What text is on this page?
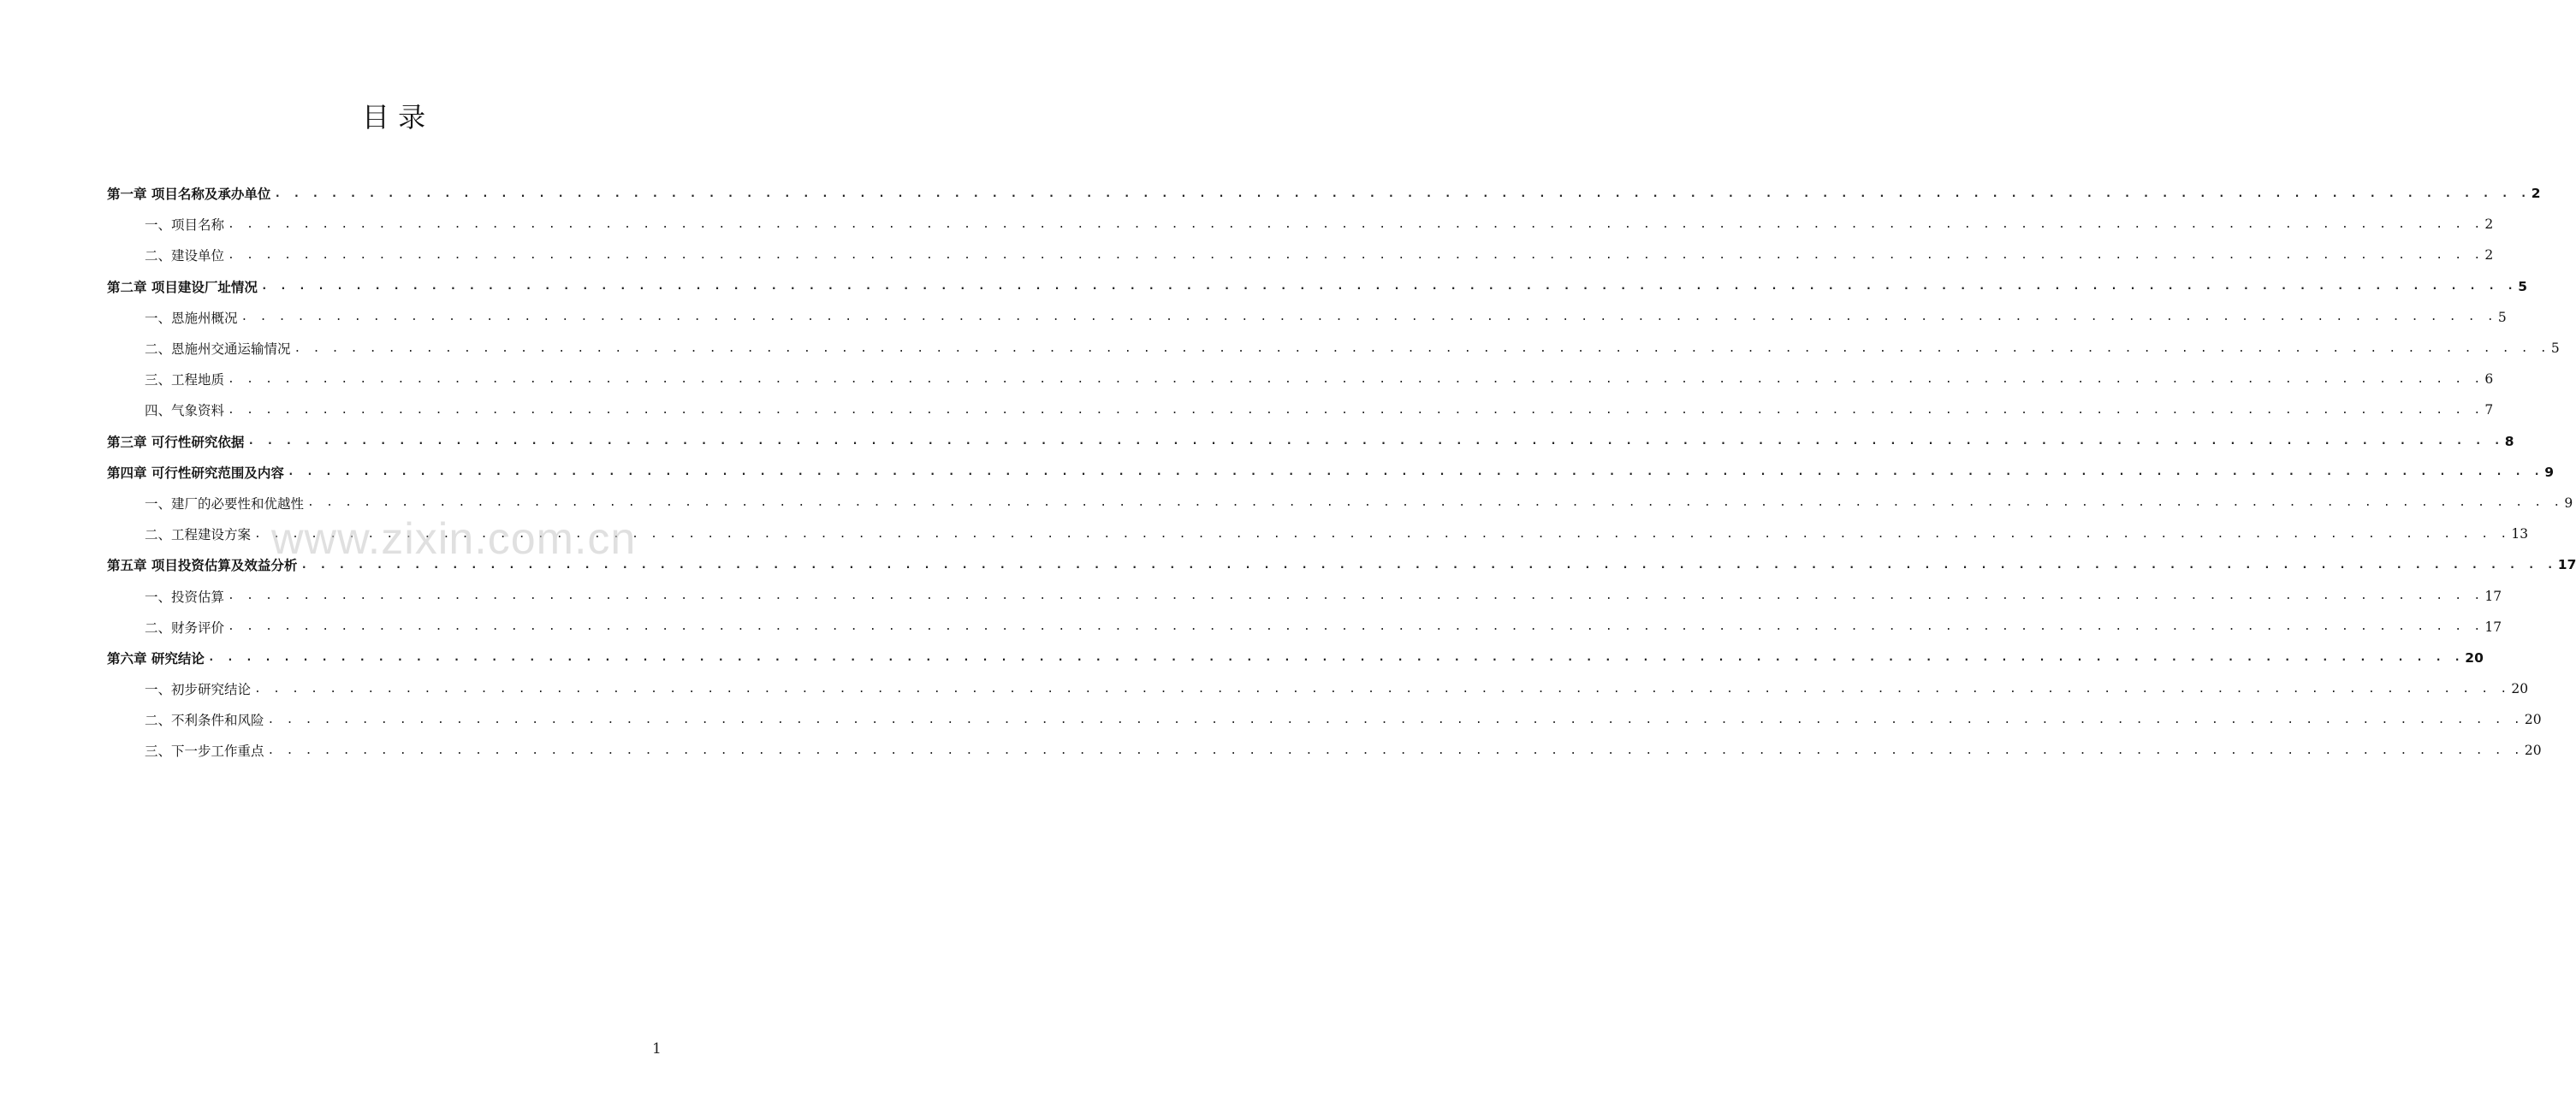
目 录
第一章 项目名称及承办单位 . . . . . . . . . . . . . . . . . . . . . . . . . . . . . . . . . . . . . . . . . . . . . . . . . . . . . . . . . . . . . . . . . . . . . . . . . . . . . . . . . . . . . . . . . . . . . . . . . . . . . . . . . . . . . . . . . . . . . . . . 2
一、项目名称 . . . . . . . . . . . . . . . . . . . . . . . . . . . . . . . . . . . . . . . . . . . . . . . . . . . . . . . . . . . . . . . . . . . . . . . . . . . . . . . . . . . . . . . . . . . . . . . . . . . . . . . . . . . . . . . . . . . . . . . . 2
二、建设单位 . . . . . . . . . . . . . . . . . . . . . . . . . . . . . . . . . . . . . . . . . . . . . . . . . . . . . . . . . . . . . . . . . . . . . . . . . . . . . . . . . . . . . . . . . . . . . . . . . . . . . . . . . . . . . . . . . . . . . . . . 2
第二章 项目建设厂址情况 . . . . . . . . . . . . . . . . . . . . . . . . . . . . . . . . . . . . . . . . . . . . . . . . . . . . . . . . . . . . . . . . . . . . . . . . . . . . . . . . . . . . . . . . . . . . . . . . . . . . . . . . . . . . . . . . . . . . . . . . 5
一、恩施州概况 . . . . . . . . . . . . . . . . . . . . . . . . . . . . . . . . . . . . . . . . . . . . . . . . . . . . . . . . . . . . . . . . . . . . . . . . . . . . . . . . . . . . . . . . . . . . . . . . . . . . . . . . . . . . . . . . . . . . . . . . 5
二、恩施州交通运输情况 . . . . . . . . . . . . . . . . . . . . . . . . . . . . . . . . . . . . . . . . . . . . . . . . . . . . . . . . . . . . . . . . . . . . . . . . . . . . . . . . . . . . . . . . . . . . . . . . . . . . . . . . . . . . . . . . . . . . . . . . 5
三、工程地质 . . . . . . . . . . . . . . . . . . . . . . . . . . . . . . . . . . . . . . . . . . . . . . . . . . . . . . . . . . . . . . . . . . . . . . . . . . . . . . . . . . . . . . . . . . . . . . . . . . . . . . . . . . . . . . . . . . . . . . . . 6
四、气象资料 . . . . . . . . . . . . . . . . . . . . . . . . . . . . . . . . . . . . . . . . . . . . . . . . . . . . . . . . . . . . . . . . . . . . . . . . . . . . . . . . . . . . . . . . . . . . . . . . . . . . . . . . . . . . . . . . . . . . . . . . 7
第三章 可行性研究依据 . . . . . . . . . . . . . . . . . . . . . . . . . . . . . . . . . . . . . . . . . . . . . . . . . . . . . . . . . . . . . . . . . . . . . . . . . . . . . . . . . . . . . . . . . . . . . . . . . . . . . . . . . . . . . . . . . . . . . . . . 8
第四章 可行性研究范围及内容 . . . . . . . . . . . . . . . . . . . . . . . . . . . . . . . . . . . . . . . . . . . . . . . . . . . . . . . . . . . . . . . . . . . . . . . . . . . . . . . . . . . . . . . . . . . . . . . . . . . . . . . . . . . . . . . . . . . . . . . . 9
一、建厂的必要性和优越性 . . . . . . . . . . . . . . . . . . . . . . . . . . . . . . . . . . . . . . . . . . . . . . . . . . . . . . . . . . . . . . . . . . . . . . . . . . . . . . . . . . . . . . . . . . . . . . . . . . . . . . . . . . . . . . . . . . . . . . . . 9
二、工程建设方案 . . . . . . . . . . . . . . . . . . . . . . . . . . . . . . . . . . . . . . . . . . . . . . . . . . . . . . . . . . . . . . . . . . . . . . . . . . . . . . . . . . . . . . . . . . . . . . . . . . . . . . . . . . . . . . . . . . . . . . . . 13
第五章 项目投资估算及效益分析 . . . . . . . . . . . . . . . . . . . . . . . . . . . . . . . . . . . . . . . . . . . . . . . . . . . . . . . . . . . . . . . . . . . . . . . . . . . . . . . . . . . . . . . . . . . . . . . . . . . . . . . . . . . . . . . . . . . . . . . . 17
一、投资估算 . . . . . . . . . . . . . . . . . . . . . . . . . . . . . . . . . . . . . . . . . . . . . . . . . . . . . . . . . . . . . . . . . . . . . . . . . . . . . . . . . . . . . . . . . . . . . . . . . . . . . . . . . . . . . . . . . . . . . . . . 17
二、财务评价 . . . . . . . . . . . . . . . . . . . . . . . . . . . . . . . . . . . . . . . . . . . . . . . . . . . . . . . . . . . . . . . . . . . . . . . . . . . . . . . . . . . . . . . . . . . . . . . . . . . . . . . . . . . . . . . . . . . . . . . . 17
第六章 研究结论 . . . . . . . . . . . . . . . . . . . . . . . . . . . . . . . . . . . . . . . . . . . . . . . . . . . . . . . . . . . . . . . . . . . . . . . . . . . . . . . . . . . . . . . . . . . . . . . . . . . . . . . . . . . . . . . . . . . . . . . . 20
一、初步研究结论 . . . . . . . . . . . . . . . . . . . . . . . . . . . . . . . . . . . . . . . . . . . . . . . . . . . . . . . . . . . . . . . . . . . . . . . . . . . . . . . . . . . . . . . . . . . . . . . . . . . . . . . . . . . . . . . . . . . . . . . . 20
二、不利条件和风险 . . . . . . . . . . . . . . . . . . . . . . . . . . . . . . . . . . . . . . . . . . . . . . . . . . . . . . . . . . . . . . . . . . . . . . . . . . . . . . . . . . . . . . . . . . . . . . . . . . . . . . . . . . . . . . . . . . . . . . . . 20
三、下一步工作重点 . . . . . . . . . . . . . . . . . . . . . . . . . . . . . . . . . . . . . . . . . . . . . . . . . . . . . . . . . . . . . . . . . . . . . . . . . . . . . . . . . . . . . . . . . . . . . . . . . . . . . . . . . . . . . . . . . . . . . . . . 20
www.zixin.com.cn
1
